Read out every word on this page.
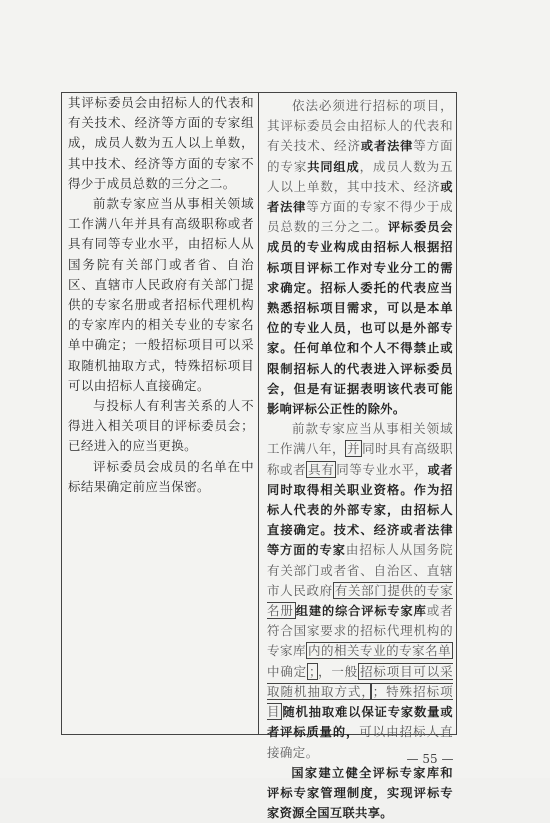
其评标委员会由招标人的代表和有关技术、经济等方面的专家组成，成员人数为五人以上单数，其中技术、经济等方面的专家不得少于成员总数的三分之二。

前款专家应当从事相关领域工作满八年并具有高级职称或者具有同等专业水平，由招标人从国务院有关部门或者省、自治区、直辖市人民政府有关部门提供的专家名册或者招标代理机构的专家库内的相关专业的专家名单中确定；一般招标项目可以采取随机抽取方式，特殊招标项目可以由招标人直接确定。

与投标人有利害关系的人不得进入相关项目的评标委员会；已经进入的应当更换。

评标委员会成员的名单在中标结果确定前应当保密。

依法必须进行招标的项目，其评标委员会由招标人的代表和有关技术、经济或者法律等方面的专家共同组成，成员人数为五人以上单数，其中技术、经济或者法律等方面的专家不得少于成员总数的三分之二。评标委员会成员的专业构成由招标人根据招标项目评标工作对专业分工的需求确定。招标人委托的代表应当熟悉招标项目需求，可以是本单位的专业人员，也可以是外部专家。任何单位和个人不得禁止或限制招标人的代表进入评标委员会，但是有证据表明该代表可能影响评标公正性的除外。

前款专家应当从事相关领域工作满八年， 并 同时具有高级职称或者 具有 同等专业水平，或者同时取得相关职业资格。作为招标人代表的外部专家，由招标人直接确定。技术、经济或者法律等方面的专家由招标人从国务院有关部门或者省、自治区、直辖市人民政府 有关部门提供的专家名册 组建的综合评标专家库或者符合国家要求的招标代理机构的专家库 内的相关专业的专家名单中确定 ； ，一般 招标项目可以采取随机抽取方式， ；特殊招标项目 随机抽取难以保证专家数量或者评标质量的，可以由招标人直接确定。

国家建立健全评标专家库和评标专家管理制度，实现评标专家资源全国互联共享。

— 55 —
